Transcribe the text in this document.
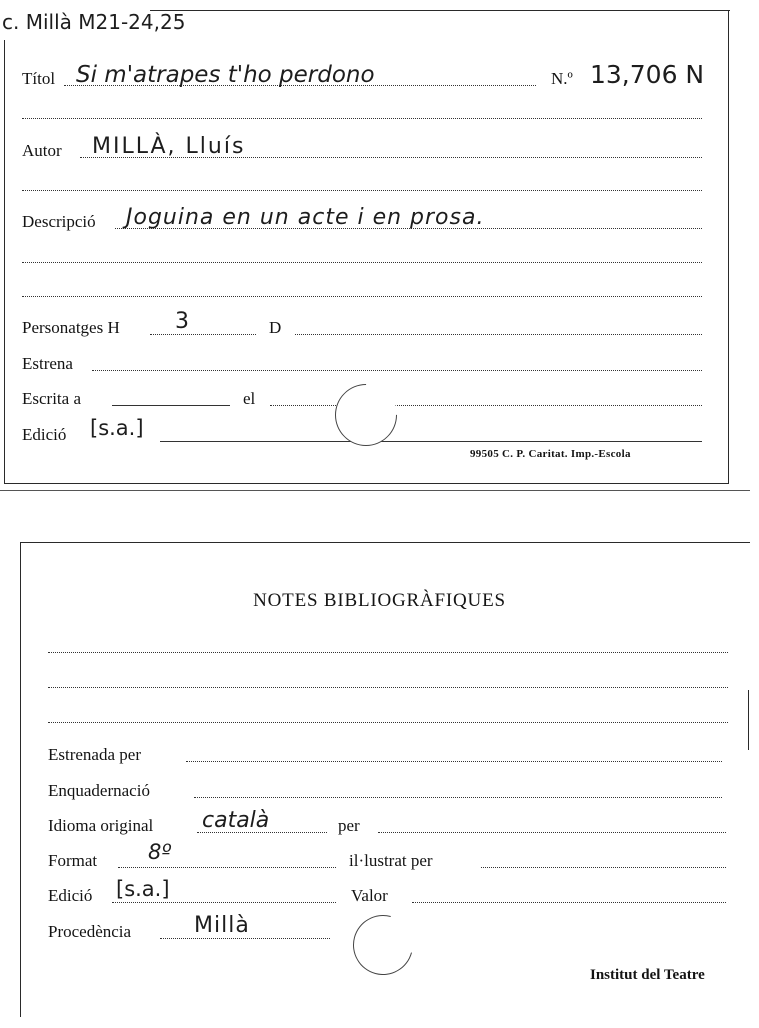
c. Millà M21-24,25
Títol Si m'atrapes t'ho perdono	N.º 13,706 N
Autor MILLÀ, Lluís
Descripció Joguina en un acte i en prosa.
Personatges H	3	D
Estrena
Escrita a	el
Edició [s.a.]
99505 C. P. Caritat. Imp.-Escola
NOTES BIBLIOGRÀFIQUES
Estrenada per
Enquadernació
Idioma original català	per
Format 8º	il·lustrat per
Edició [s.a.]	Valor
Procedència	Millà
Institut del Teatre
